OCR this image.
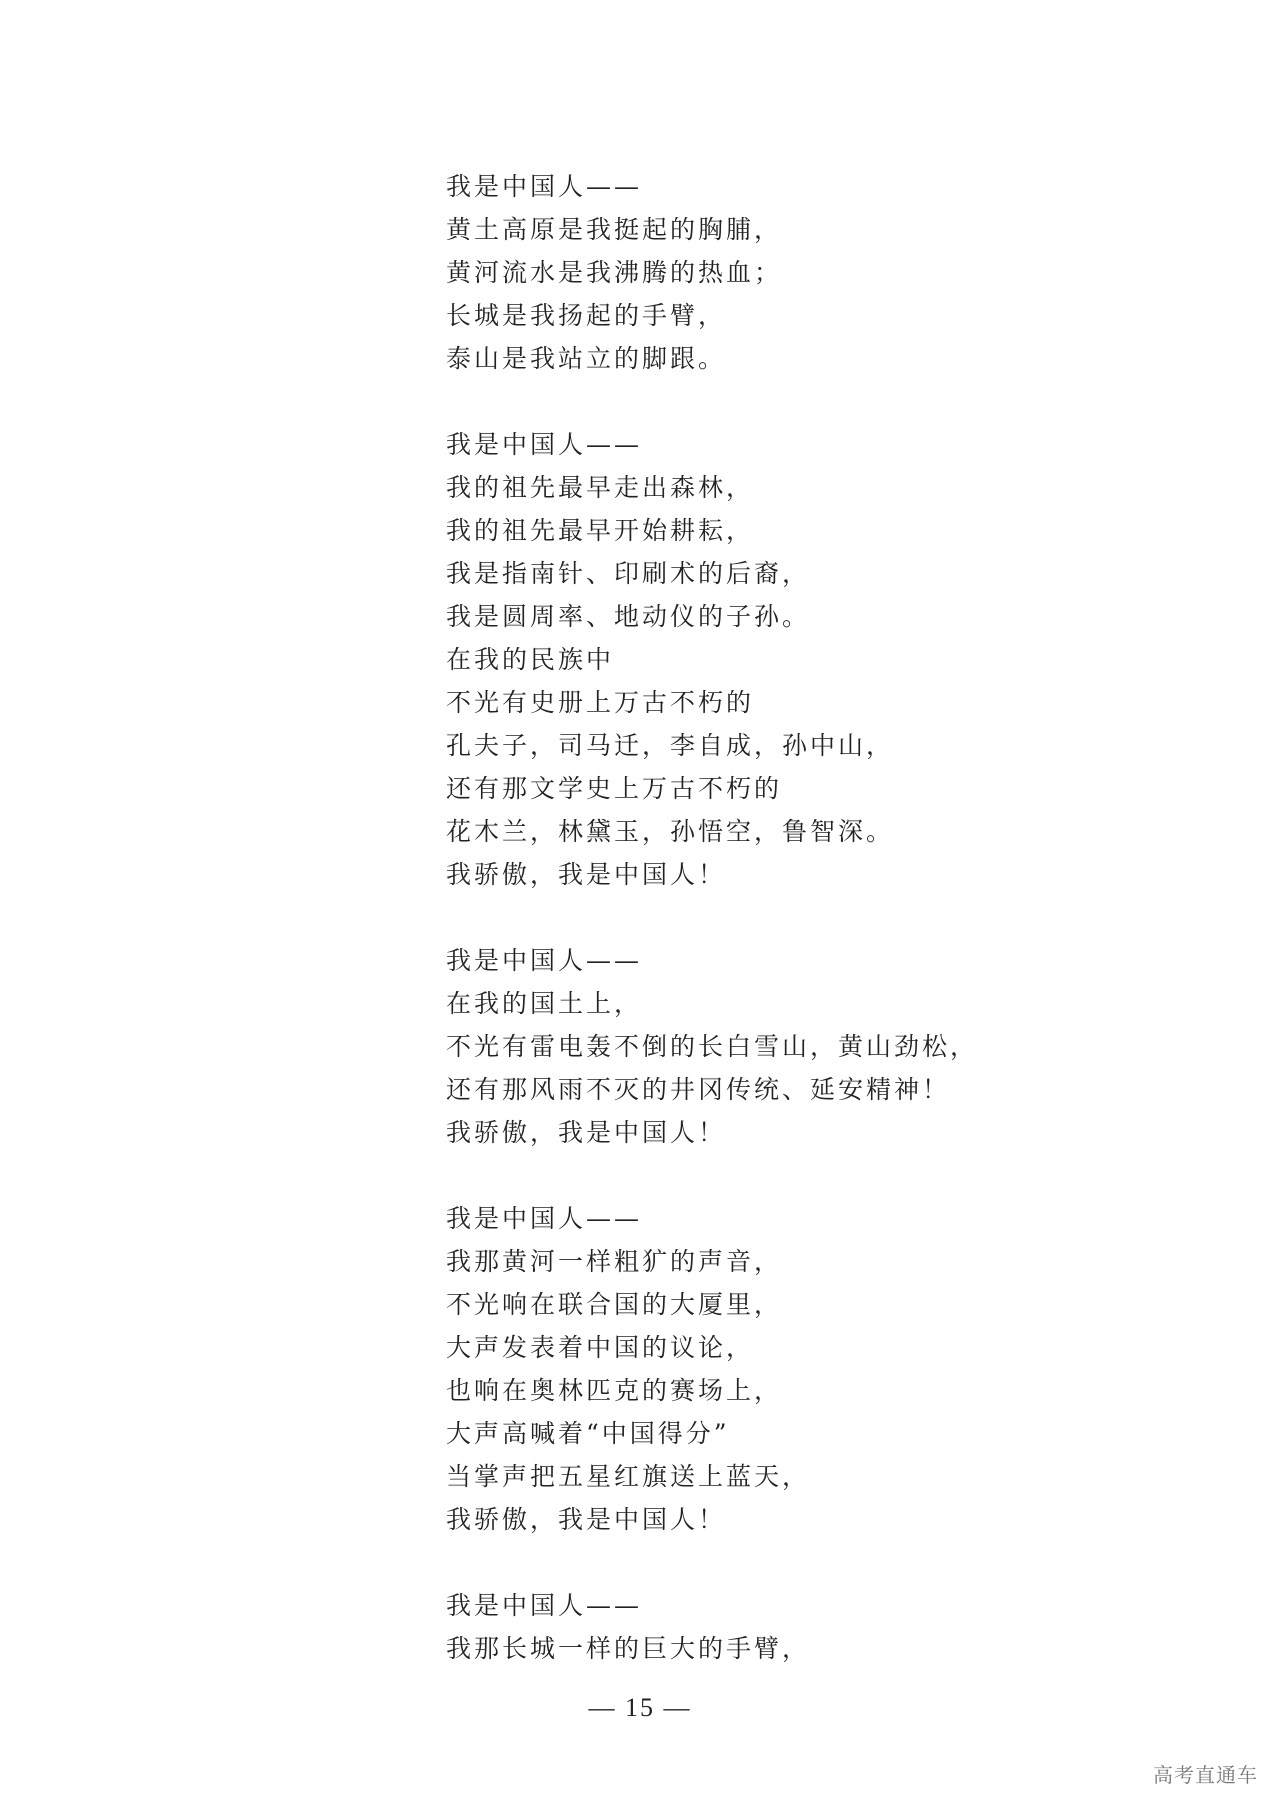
我是中国人——
黄土高原是我挺起的胸脯，
黄河流水是我沸腾的热血；
长城是我扬起的手臂，
泰山是我站立的脚跟。
我是中国人——
我的祖先最早走出森林，
我的祖先最早开始耕耘，
我是指南针、印刷术的后裔，
我是圆周率、地动仪的子孙。
在我的民族中
不光有史册上万古不朽的
孔夫子，司马迁，李自成，孙中山，
还有那文学史上万古不朽的
花木兰，林黛玉，孙悟空，鲁智深。
我骄傲，我是中国人！
我是中国人——
在我的国土上，
不光有雷电轰不倒的长白雪山，黄山劲松，
还有那风雨不灭的井冈传统、延安精神！
我骄傲，我是中国人！
我是中国人——
我那黄河一样粗犷的声音，
不光响在联合国的大厦里，
大声发表着中国的议论，
也响在奥林匹克的赛场上，
大声高喊着“中国得分”
当掌声把五星红旗送上蓝天，
我骄傲，我是中国人！
我是中国人——
我那长城一样的巨大的手臂，
— 15 —
高考直通车
